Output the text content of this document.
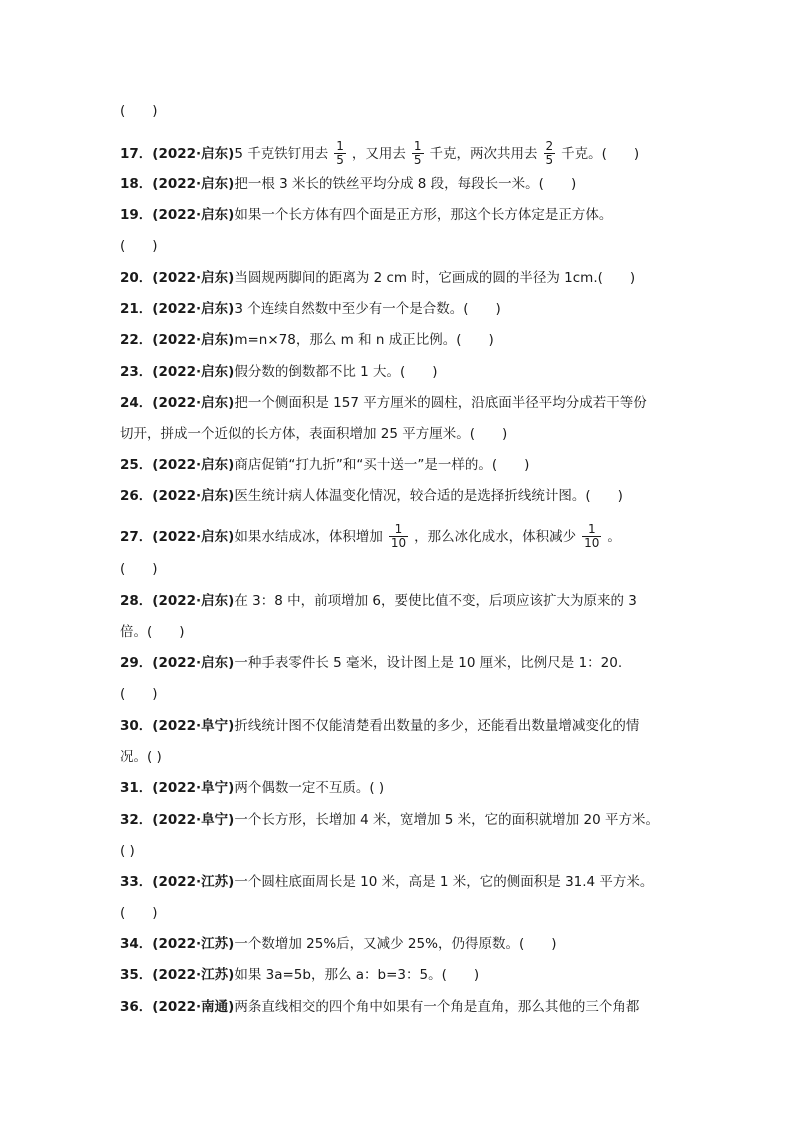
(　　)
17． (2022·启东) 5 千克铁钉用去 $\frac{1}{5}$ ，又用去 $\frac{1}{5}$ 千克，两次共用去 $\frac{2}{5}$ 千克。(　　)
18． (2022·启东) 把一根 3 米长的铁丝平均分成 8 段，每段长一米。(　　)
19． (2022·启东) 如果一个长方体有四个面是正方形，那这个长方体定是正方体。
(　　)
20． (2022·启东) 当圆规两脚间的距离为 2 cm 时，它画成的圆的半径为 1cm.(　　)
21． (2022·启东) 3 个连续自然数中至少有一个是合数。(　　)
22． (2022·启东) m=n×78，那么 m 和 n 成正比例。(　　)
23． (2022·启东) 假分数的倒数都不比 1 大。(　　)
24． (2022·启东) 把一个侧面积是 157 平方厘米的圆柱，沿底面半径平均分成若干等份
切开，拼成一个近似的长方体，表面积增加 25 平方厘米。(　　)
25． (2022·启东) 商店促销“打九折”和“买十送一”是一样的。(　　)
26． (2022·启东) 医生统计病人体温变化情况，较合适的是选择折线统计图。(　　)
27． (2022·启东) 如果水结成冰，体积增加 $\frac{1}{10}$ ，那么冰化成水，体积减少 $\frac{1}{10}$ 。
(　　)
28． (2022·启东) 在 3：8 中，前项增加 6，要使比值不变，后项应该扩大为原来的 3
倍。(　　)
29． (2022·启东) 一种手表零件长 5 毫米，设计图上是 10 厘米，比例尺是 1：20.
(　　)
30． (2022·阜宁) 折线统计图不仅能清楚看出数量的多少，还能看出数量增减变化的情
况。( )
31． (2022·阜宁) 两个偶数一定不互质。( )
32． (2022·阜宁) 一个长方形，长增加 4 米，宽增加 5 米，它的面积就增加 20 平方米。
( )
33． (2022·江苏) 一个圆柱底面周长是 10 米，高是 1 米，它的侧面积是 31.4 平方米。
(　　)
34． (2022·江苏) 一个数增加 25%后，又减少 25%，仍得原数。(　　)
35． (2022·江苏) 如果 3a=5b，那么 a：b=3：5。(　　)
36． (2022·南通) 两条直线相交的四个角中如果有一个角是直角，那么其他的三个角都
